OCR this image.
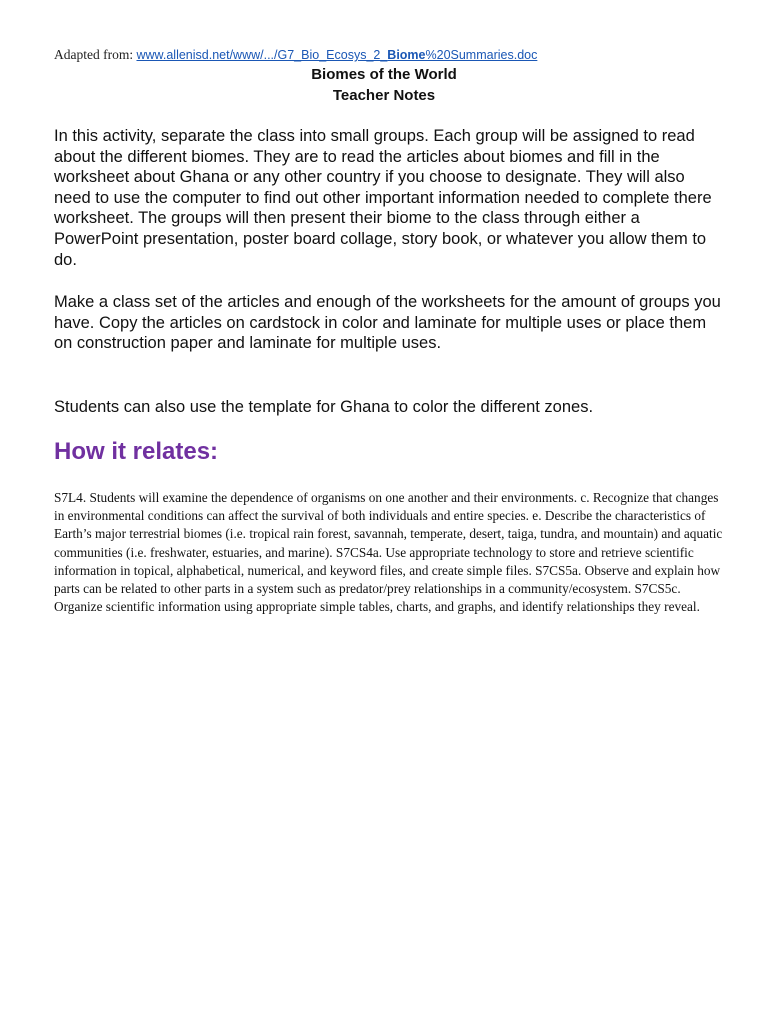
Adapted from: www.allenisd.net/www/.../G7_Bio_Ecosys_2_Biome%20Summaries.doc
Biomes of the World
Teacher Notes

In this activity, separate the class into small groups. Each group will be assigned to read about the different biomes. They are to read the articles about biomes and fill in the worksheet about Ghana or any other country if you choose to designate. They will also need to use the computer to find out other important information needed to complete there worksheet. The groups will then present their biome to the class through either a PowerPoint presentation, poster board collage, story book, or whatever you allow them to do.

Make a class set of the articles and enough of the worksheets for the amount of groups you have. Copy the articles on cardstock in color and laminate for multiple uses or place them on construction paper and laminate for multiple uses.

Students can also use the template for Ghana to color the different zones.

How it relates:

S7L4. Students will examine the dependence of organisms on one another and their environments. c. Recognize that changes in environmental conditions can affect the survival of both individuals and entire species. e. Describe the characteristics of Earth’s major terrestrial biomes (i.e. tropical rain forest, savannah, temperate, desert, taiga, tundra, and mountain) and aquatic communities (i.e. freshwater, estuaries, and marine). S7CS4a. Use appropriate technology to store and retrieve scientific information in topical, alphabetical, numerical, and keyword files, and create simple files. S7CS5a. Observe and explain how parts can be related to other parts in a system such as predator/prey relationships in a community/ecosystem. S7CS5c. Organize scientific information using appropriate simple tables, charts, and graphs, and identify relationships they reveal.
